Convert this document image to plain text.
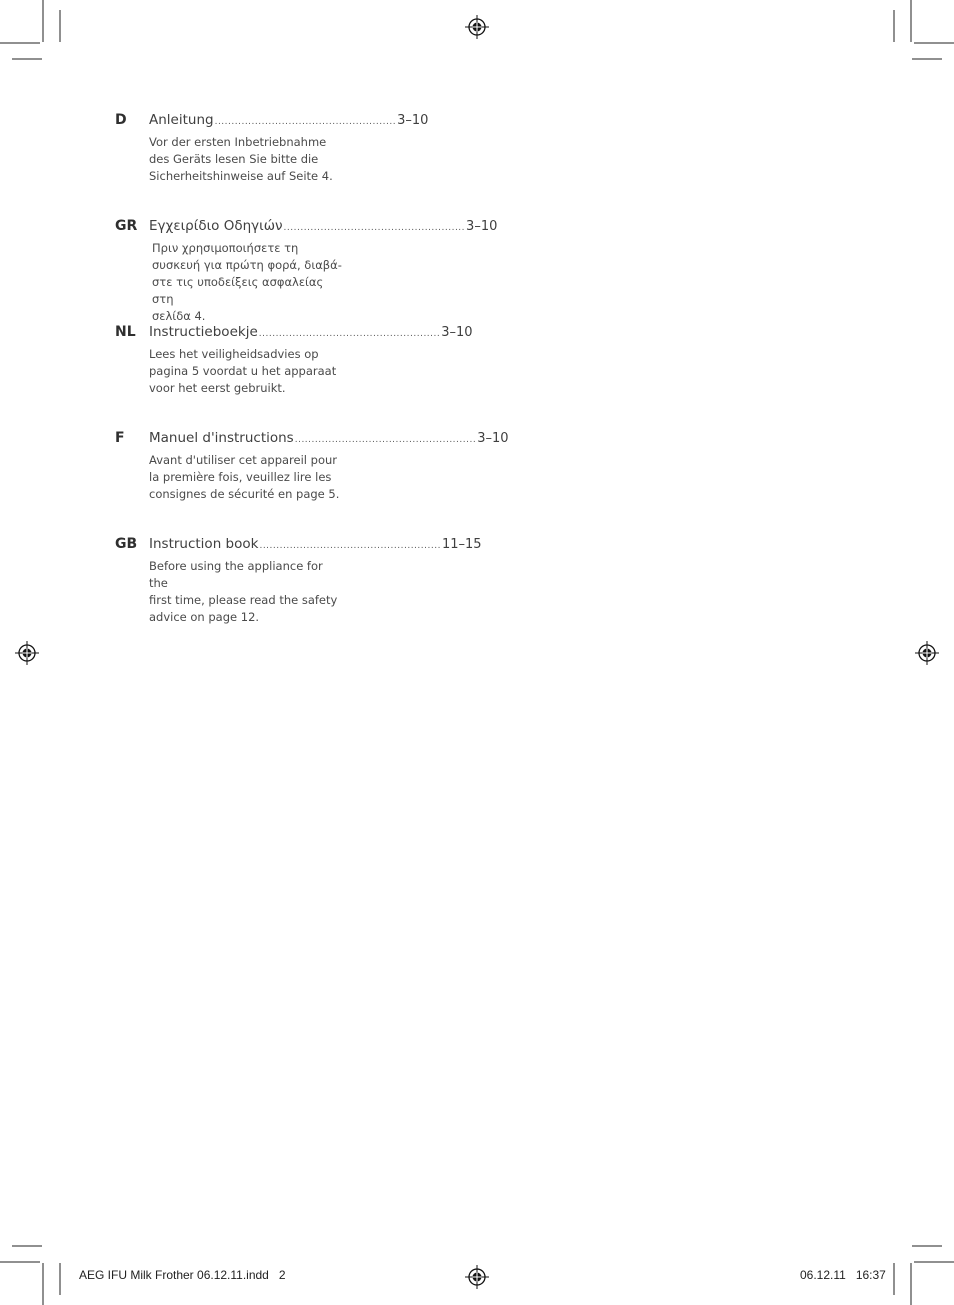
D	Anleitung ...................................................... 3–10
Vor der ersten Inbetriebnahme
des Geräts lesen Sie bitte die
Sicherheitshinweise auf Seite 4.
GR Εγχειρίδιο Οδηγιών ...................................................... 3–10
Πριν χρησιμοποιήσετε τη
συσκευή για πρώτη φορά, διαβά-
στε τις υποδείξεις ασφαλείας στη
σελίδα 4.
NL Instructieboekje ...................................................... 3–10
Lees het veiligheidsadvies op
pagina 5 voordat u het apparaat
voor het eerst gebruikt.
F	Manuel d'instructions ...................................................... 3–10
Avant d'utiliser cet appareil pour
la première fois, veuillez lire les
consignes de sécurité en page 5.
GB Instruction book ...................................................... 11–15
Before using the appliance for the
first time, please read the safety
advice on page 12.
AEG IFU Milk Frother 06.12.11.indd   2	06.12.11   16:37
